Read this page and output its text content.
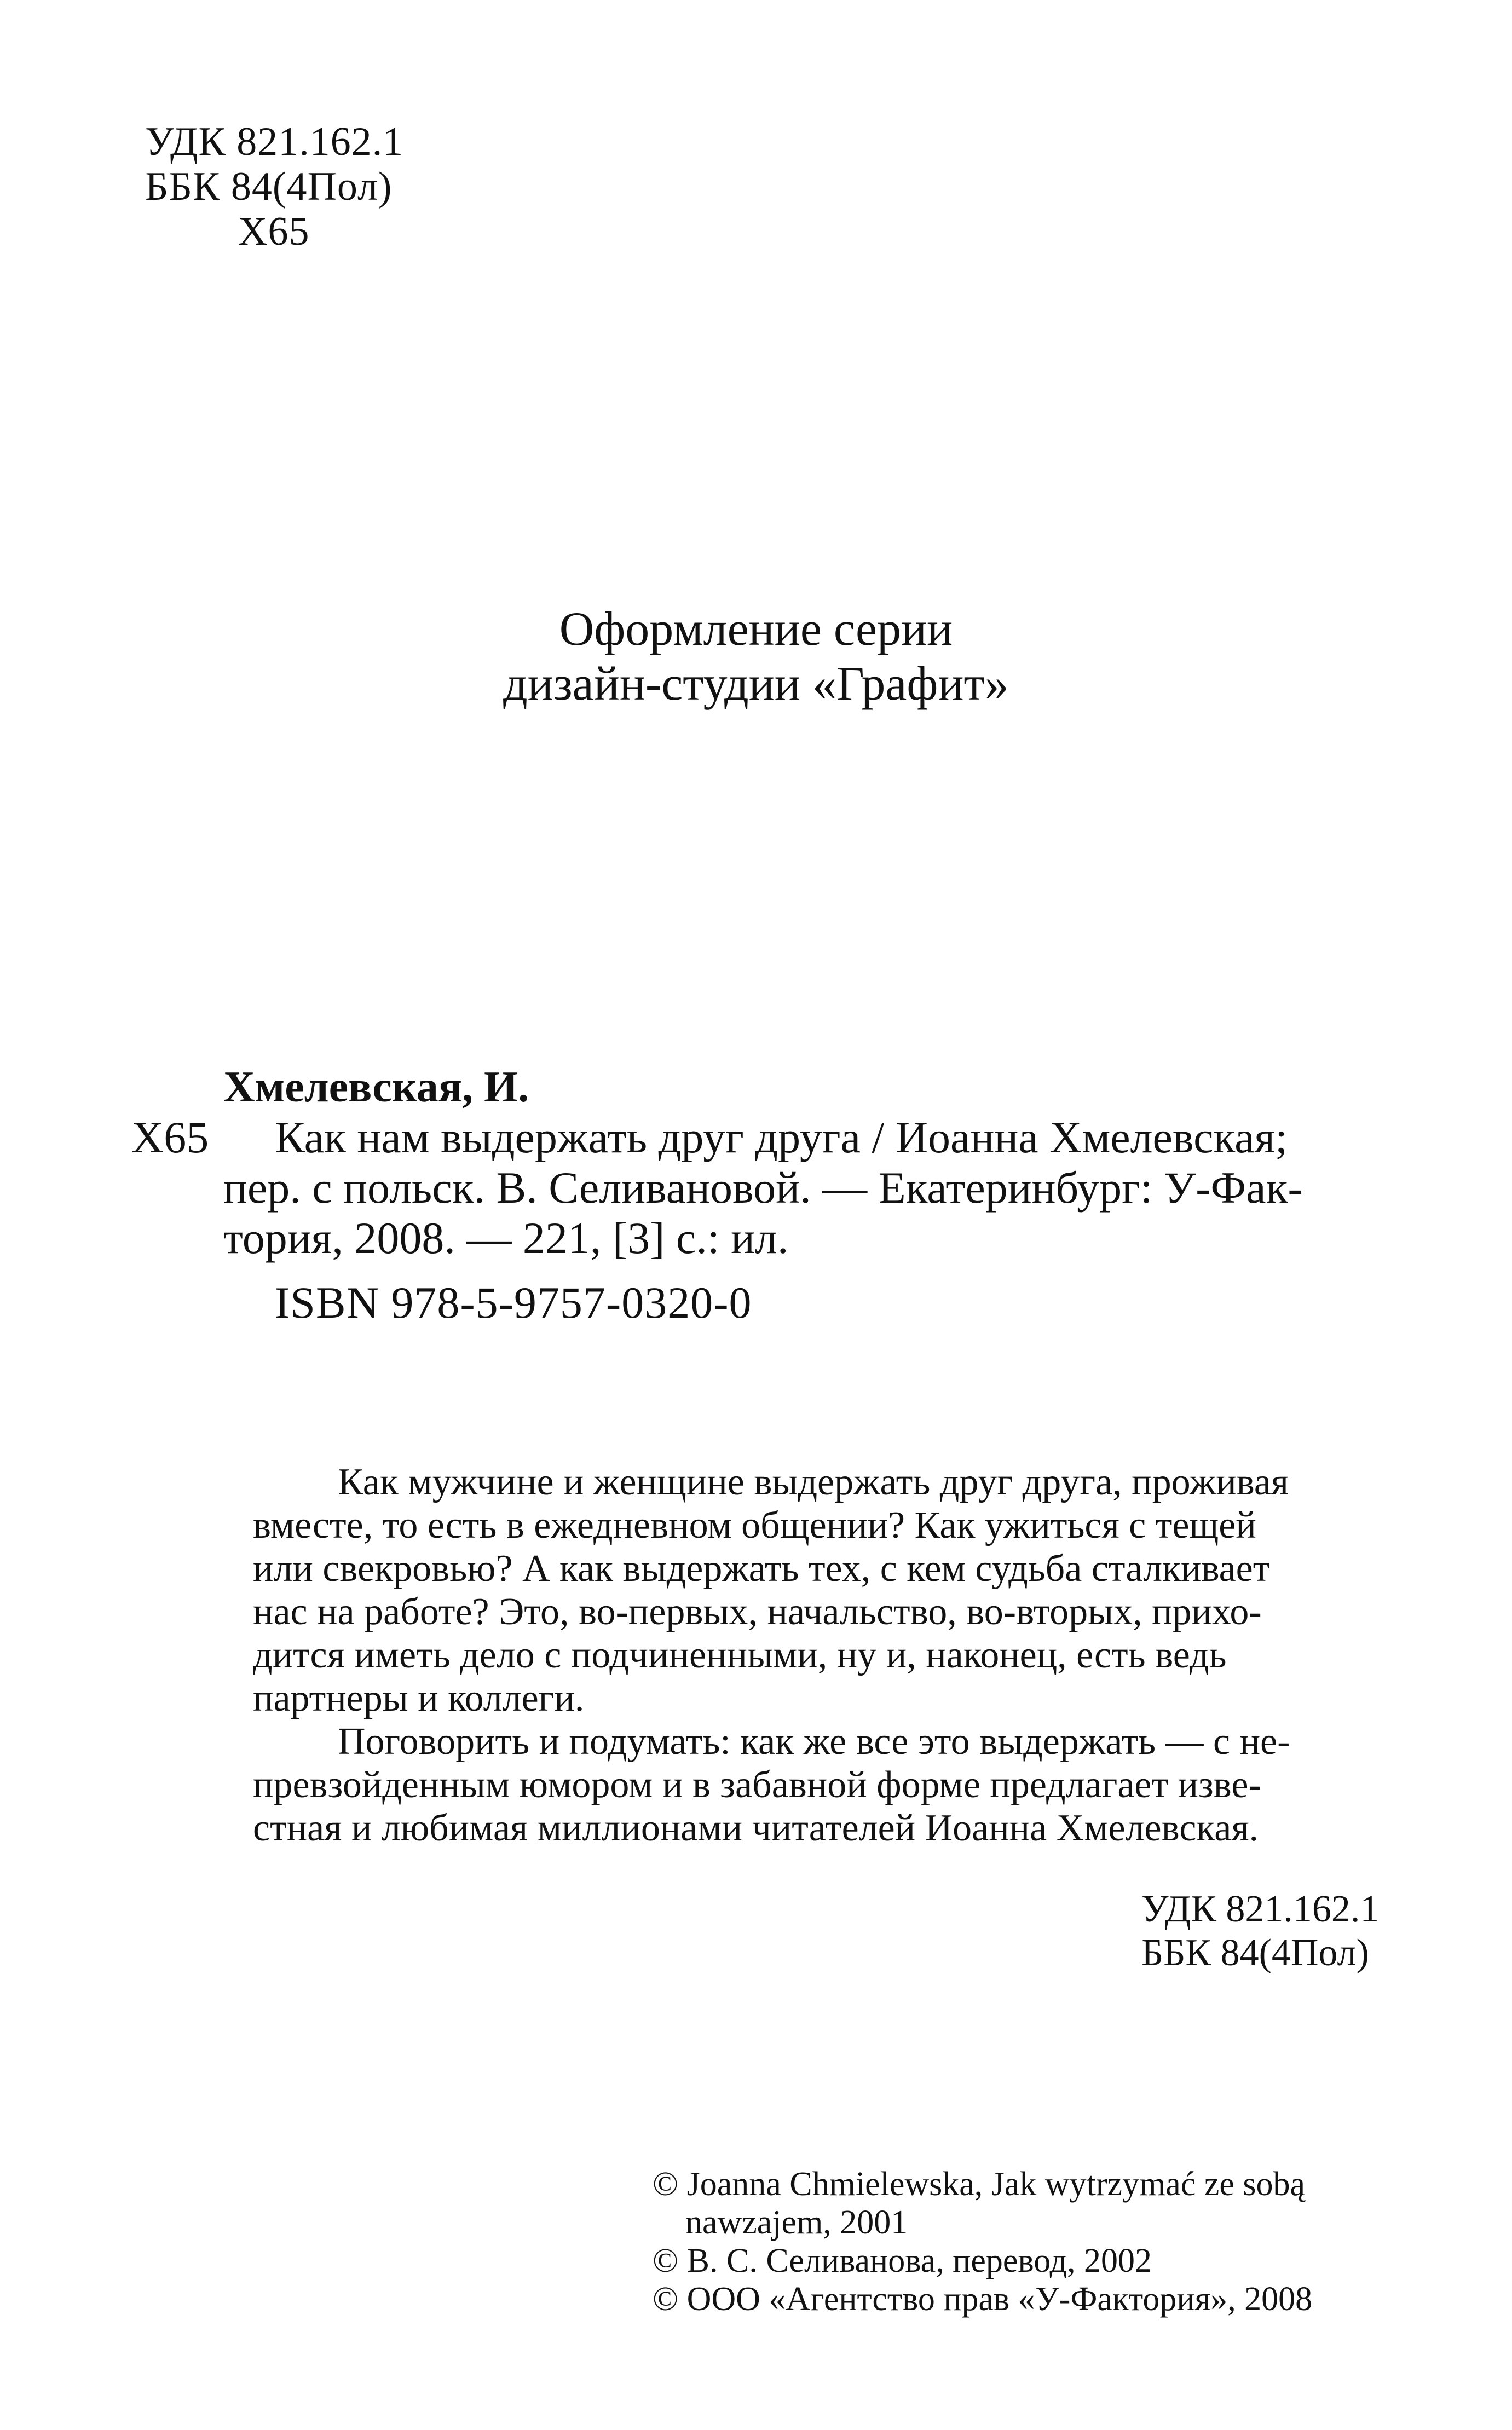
УДК 821.162.1
ББК 84(4Пол)
Х65
Оформление серии
дизайн-студии «Графит»
Хмелевская, И.
Х65	Как нам выдержать друг друга / Иоанна Хмелевская;
пер. с польск. В. Селивановой. — Екатеринбург: У-Фак-
тория, 2008. — 221, [3] с.: ил.
ISBN 978-5-9757-0320-0
Как мужчине и женщине выдержать друг друга, проживая
вместе, то есть в ежедневном общении? Как ужиться с тещей
или свекровью? А как выдержать тех, с кем судьба сталкивает
нас на работе? Это, во-первых, начальство, во-вторых, прихо-
дится иметь дело с подчиненными, ну и, наконец, есть ведь
партнеры и коллеги.
Поговорить и подумать: как же все это выдержать — с не-
превзойденным юмором и в забавной форме предлагает изве-
стная и любимая миллионами читателей Иоанна Хмелевская.
УДК 821.162.1
ББК 84(4Пол)
© Joanna Chmielewska, Jak wytrzymać ze sobą
nawzajem, 2001
© В. С. Селиванова, перевод, 2002
© ООО «Агентство прав «У-Фактория», 2008
